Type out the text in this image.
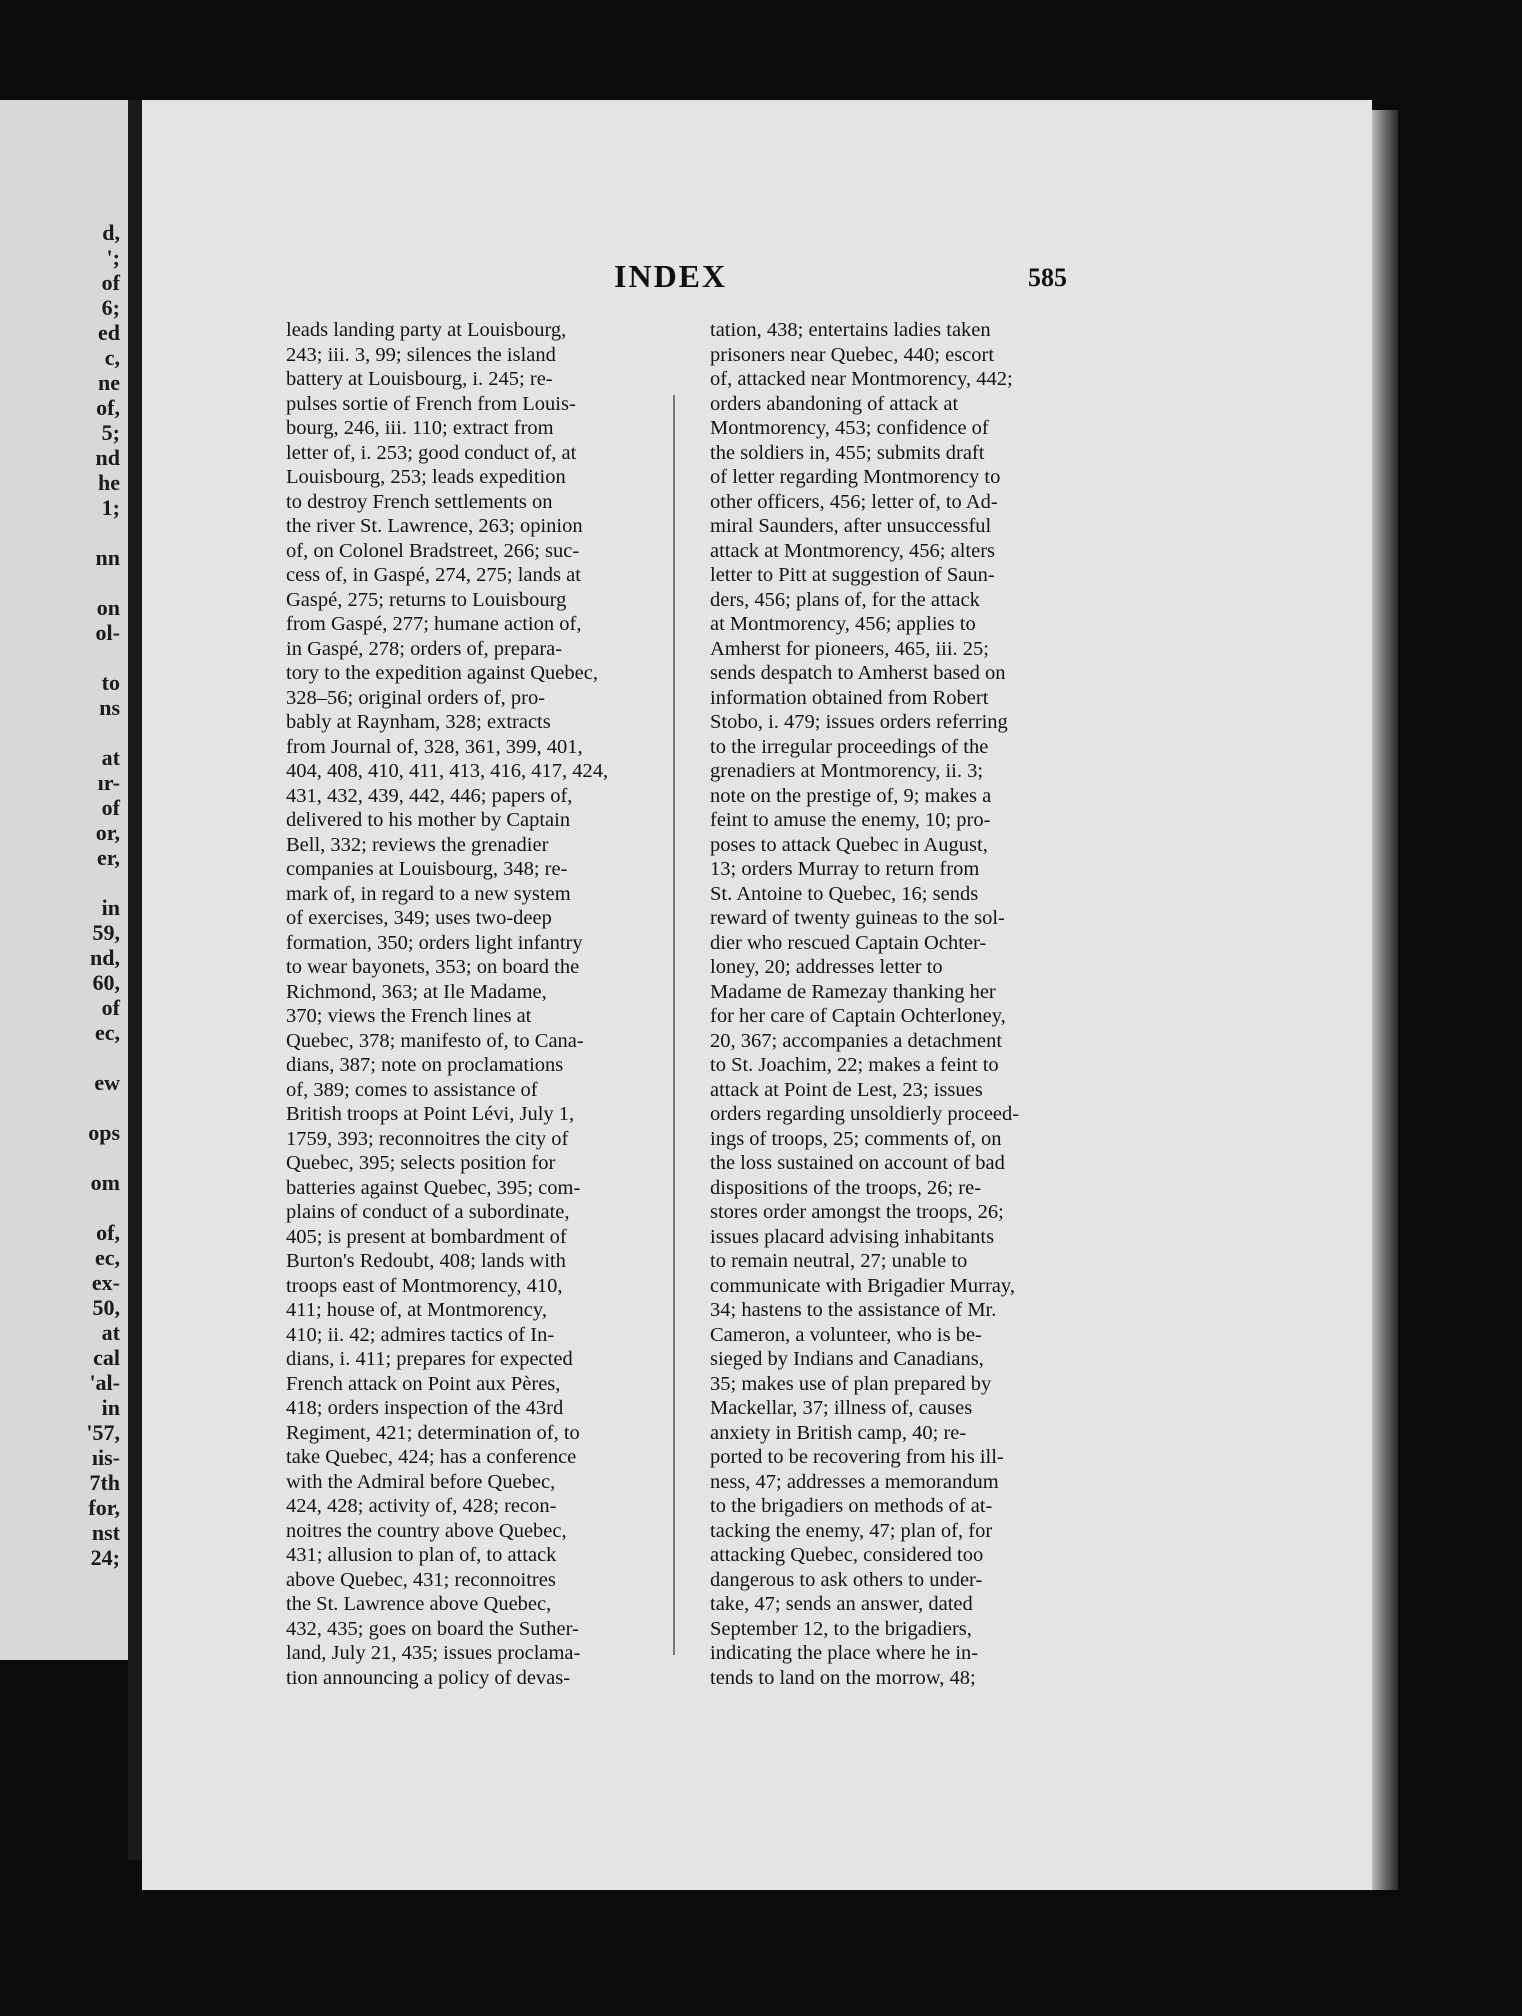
d,
';
of
6;
ed
c,
ne
of,
5;
nd
he
1;
nn
on
ol-
to
ns
at
ır-
of
or,
er,
in
59,
nd,
60,
of
ec,
ew
ops
om
of,
ec,
ex-
50,
at
cal
'al-
in
'57,
ıis-
7th
for,
nst
24;
INDEX	585
leads landing party at Louisbourg,
243; iii. 3, 99; silences the island
battery at Louisbourg, i. 245; re-
pulses sortie of French from Louis-
bourg, 246, iii. 110; extract from
letter of, i. 253; good conduct of, at
Louisbourg, 253; leads expedition
to destroy French settlements on
the river St. Lawrence, 263; opinion
of, on Colonel Bradstreet, 266; suc-
cess of, in Gaspé, 274, 275; lands at
Gaspé, 275; returns to Louisbourg
from Gaspé, 277; humane action of,
in Gaspé, 278; orders of, prepara-
tory to the expedition against Quebec,
328–56; original orders of, pro-
bably at Raynham, 328; extracts
from Journal of, 328, 361, 399, 401,
404, 408, 410, 411, 413, 416, 417, 424,
431, 432, 439, 442, 446; papers of,
delivered to his mother by Captain
Bell, 332; reviews the grenadier
companies at Louisbourg, 348; re-
mark of, in regard to a new system
of exercises, 349; uses two-deep
formation, 350; orders light infantry
to wear bayonets, 353; on board the
Richmond, 363; at Ile Madame,
370; views the French lines at
Quebec, 378; manifesto of, to Cana-
dians, 387; note on proclamations
of, 389; comes to assistance of
British troops at Point Lévi, July 1,
1759, 393; reconnoitres the city of
Quebec, 395; selects position for
batteries against Quebec, 395; com-
plains of conduct of a subordinate,
405; is present at bombardment of
Burton's Redoubt, 408; lands with
troops east of Montmorency, 410,
411; house of, at Montmorency,
410; ii. 42; admires tactics of In-
dians, i. 411; prepares for expected
French attack on Point aux Pères,
418; orders inspection of the 43rd
Regiment, 421; determination of, to
take Quebec, 424; has a conference
with the Admiral before Quebec,
424, 428; activity of, 428; recon-
noitres the country above Quebec,
431; allusion to plan of, to attack
above Quebec, 431; reconnoitres
the St. Lawrence above Quebec,
432, 435; goes on board the Suther-
land, July 21, 435; issues proclama-
tion announcing a policy of devas-
tation, 438; entertains ladies taken
prisoners near Quebec, 440; escort
of, attacked near Montmorency, 442;
orders abandoning of attack at
Montmorency, 453; confidence of
the soldiers in, 455; submits draft
of letter regarding Montmorency to
other officers, 456; letter of, to Ad-
miral Saunders, after unsuccessful
attack at Montmorency, 456; alters
letter to Pitt at suggestion of Saun-
ders, 456; plans of, for the attack
at Montmorency, 456; applies to
Amherst for pioneers, 465, iii. 25;
sends despatch to Amherst based on
information obtained from Robert
Stobo, i. 479; issues orders referring
to the irregular proceedings of the
grenadiers at Montmorency, ii. 3;
note on the prestige of, 9; makes a
feint to amuse the enemy, 10; pro-
poses to attack Quebec in August,
13; orders Murray to return from
St. Antoine to Quebec, 16; sends
reward of twenty guineas to the sol-
dier who rescued Captain Ochter-
loney, 20; addresses letter to
Madame de Ramezay thanking her
for her care of Captain Ochterloney,
20, 367; accompanies a detachment
to St. Joachim, 22; makes a feint to
attack at Point de Lest, 23; issues
orders regarding unsoldierly proceed-
ings of troops, 25; comments of, on
the loss sustained on account of bad
dispositions of the troops, 26; re-
stores order amongst the troops, 26;
issues placard advising inhabitants
to remain neutral, 27; unable to
communicate with Brigadier Murray,
34; hastens to the assistance of Mr.
Cameron, a volunteer, who is be-
sieged by Indians and Canadians,
35; makes use of plan prepared by
Mackellar, 37; illness of, causes
anxiety in British camp, 40; re-
ported to be recovering from his ill-
ness, 47; addresses a memorandum
to the brigadiers on methods of at-
tacking the enemy, 47; plan of, for
attacking Quebec, considered too
dangerous to ask others to under-
take, 47; sends an answer, dated
September 12, to the brigadiers,
indicating the place where he in-
tends to land on the morrow, 48;
